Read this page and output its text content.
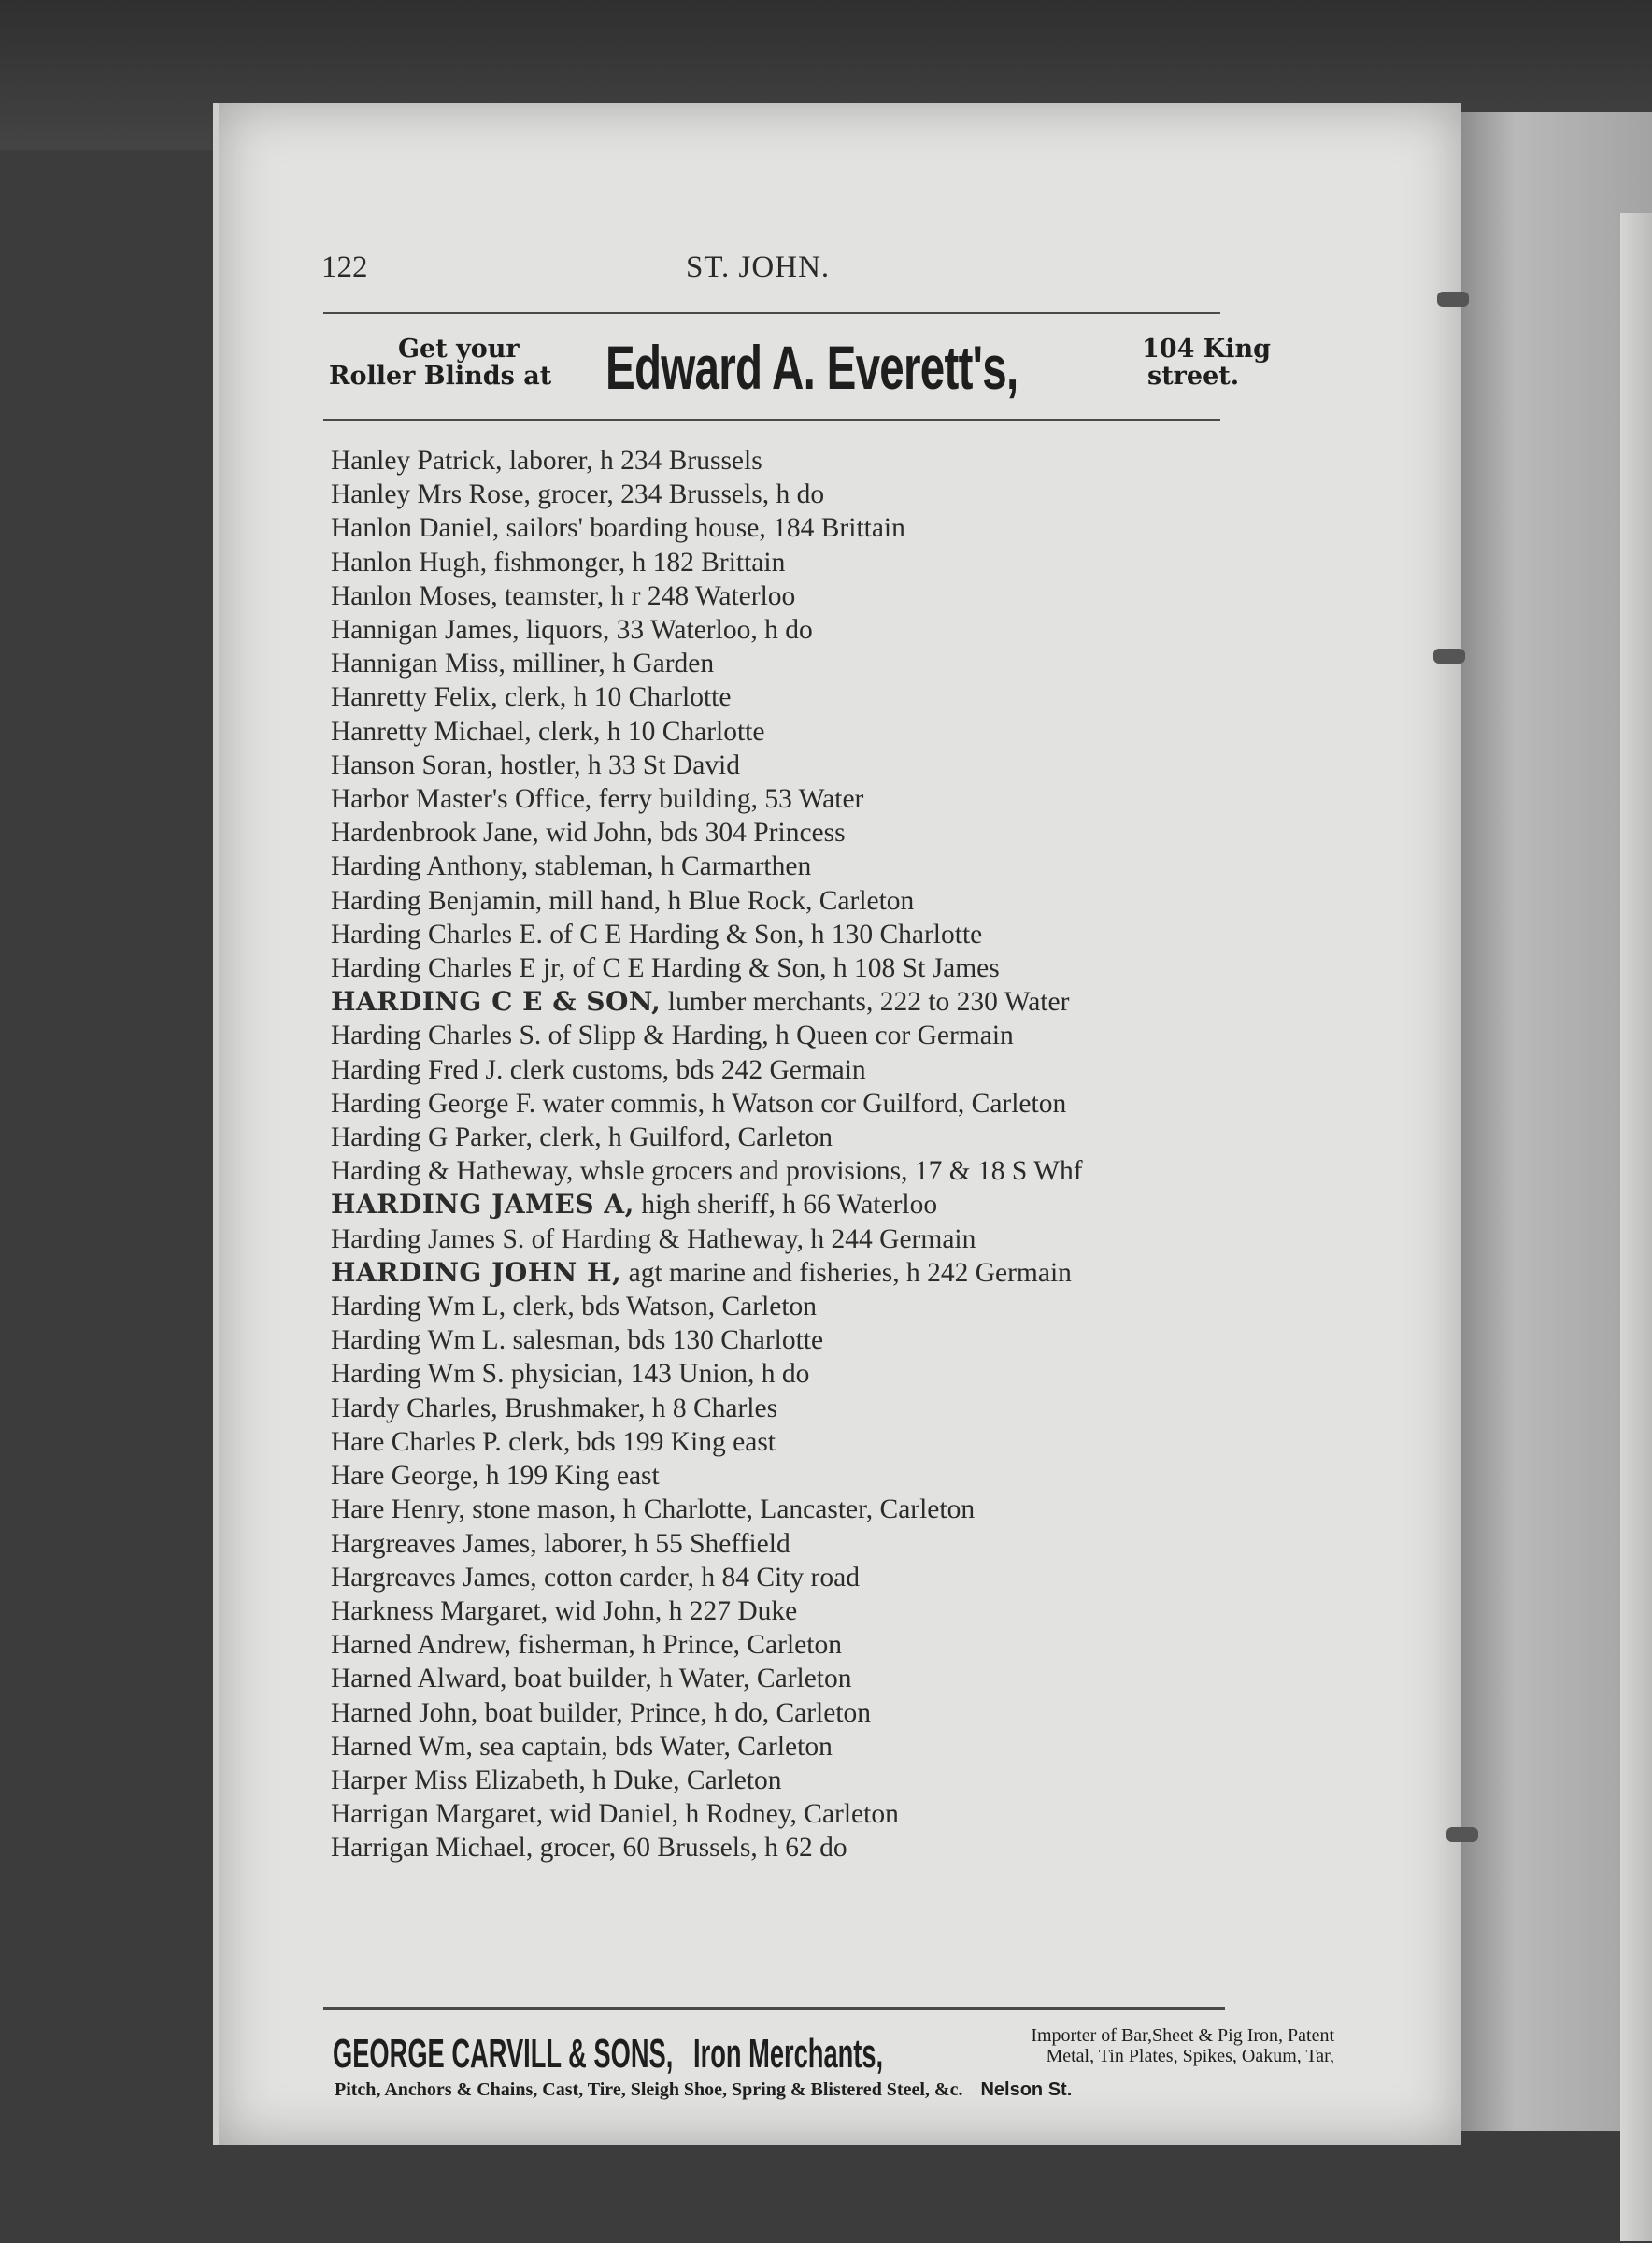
122	ST. JOHN.
Get your
Roller Blinds at Edward A. Everett's,	104 King
street.
Hanley Patrick, laborer, h 234 Brussels
Hanley Mrs Rose, grocer, 234 Brussels, h do
Hanlon Daniel, sailors' boarding house, 184 Brittain
Hanlon Hugh, fishmonger, h 182 Brittain
Hanlon Moses, teamster, h r 248 Waterloo
Hannigan James, liquors, 33 Waterloo, h do
Hannigan Miss, milliner, h Garden
Hanretty Felix, clerk, h 10 Charlotte
Hanretty Michael, clerk, h 10 Charlotte
Hanson Soran, hostler, h 33 St David
Harbor Master's Office, ferry building, 53 Water
Hardenbrook Jane, wid John, bds 304 Princess
Harding Anthony, stableman, h Carmarthen
Harding Benjamin, mill hand, h Blue Rock, Carleton
Harding Charles E. of C E Harding & Son, h 130 Charlotte
Harding Charles E jr, of C E Harding & Son, h 108 St James
HARDING C E & SON, lumber merchants, 222 to 230 Water
Harding Charles S. of Slipp & Harding, h Queen cor Germain
Harding Fred J. clerk customs, bds 242 Germain
Harding George F. water commis, h Watson cor Guilford, Carleton
Harding G Parker, clerk, h Guilford, Carleton
Harding & Hatheway, whsle grocers and provisions, 17 & 18 S Whf
HARDING JAMES A, high sheriff, h 66 Waterloo
Harding James S. of Harding & Hatheway, h 244 Germain
HARDING JOHN H, agt marine and fisheries, h 242 Germain
Harding Wm L, clerk, bds Watson, Carleton
Harding Wm L. salesman, bds 130 Charlotte
Harding Wm S. physician, 143 Union, h do
Hardy Charles, Brushmaker, h 8 Charles
Hare Charles P. clerk, bds 199 King east
Hare George, h 199 King east
Hare Henry, stone mason, h Charlotte, Lancaster, Carleton
Hargreaves James, laborer, h 55 Sheffield
Hargreaves James, cotton carder, h 84 City road
Harkness Margaret, wid John, h 227 Duke
Harned Andrew, fisherman, h Prince, Carleton
Harned Alward, boat builder, h Water, Carleton
Harned John, boat builder, Prince, h do, Carleton
Harned Wm, sea captain, bds Water, Carleton
Harper Miss Elizabeth, h Duke, Carleton
Harrigan Margaret, wid Daniel, h Rodney, Carleton
Harrigan Michael, grocer, 60 Brussels, h 62 do
GEORGE CARVILL & SONS, Iron Merchants,	Importer of Bar,Sheet & Pig Iron, Patent
Metal, Tin Plates, Spikes, Oakum, Tar,
Pitch, Anchors & Chains, Cast, Tire, Sleigh Shoe, Spring & Blistered Steel, &c. Nelson St.
